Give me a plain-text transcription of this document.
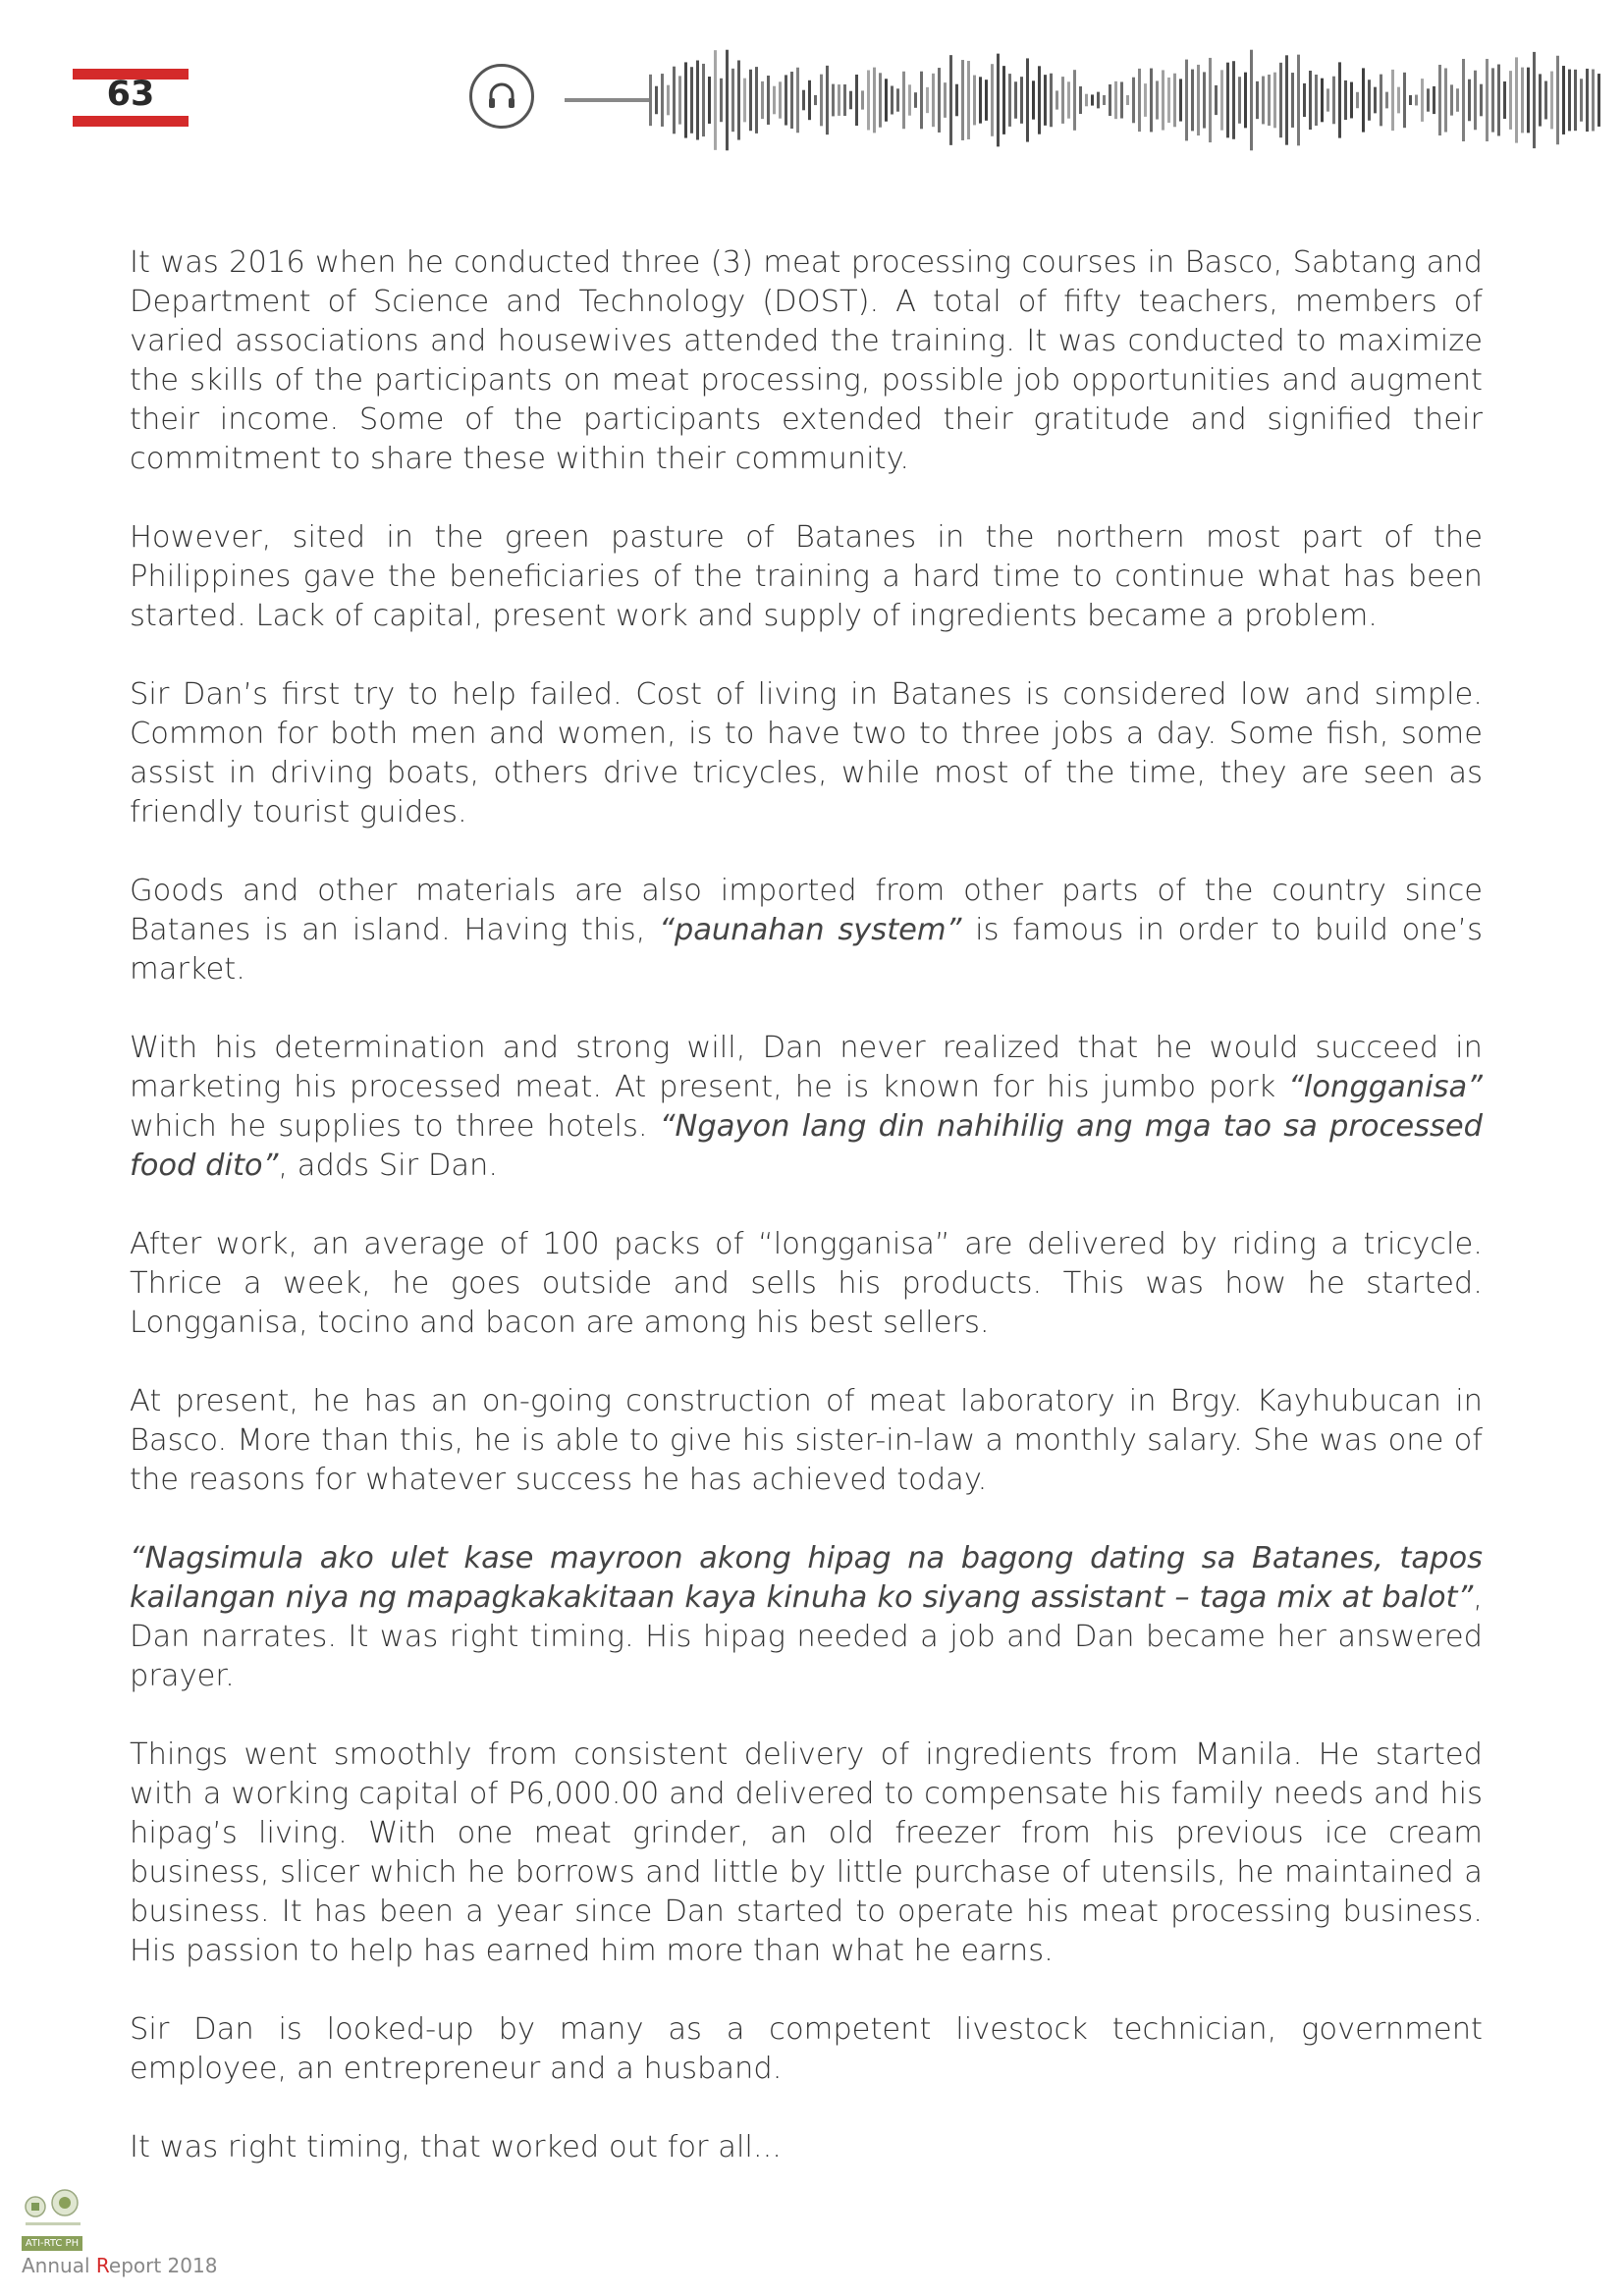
63

It was 2016 when he conducted three (3) meat processing courses in Basco, Sabtang and Department of Science and Technology (DOST). A total of fifty teachers, members of varied associations and housewives attended the training. It was conducted to maximize the skills of the participants on meat processing, possible job opportunities and augment their income. Some of the participants extended their gratitude and signified their commitment to share these within their community.

However, sited in the green pasture of Batanes in the northern most part of the Philippines gave the beneficiaries of the training a hard time to continue what has been started. Lack of capital, present work and supply of ingredients became a problem.

Sir Dan’s first try to help failed. Cost of living in Batanes is considered low and simple. Common for both men and women, is to have two to three jobs a day. Some fish, some assist in driving boats, others drive tricycles, while most of the time, they are seen as friendly tourist guides.

Goods and other materials are also imported from other parts of the country since Batanes is an island. Having this, “paunahan system” is famous in order to build one’s market.

With his determination and strong will, Dan never realized that he would succeed in marketing his processed meat. At present, he is known for his jumbo pork “longganisa” which he supplies to three hotels. “Ngayon lang din nahihilig ang mga tao sa processed food dito”, adds Sir Dan.

After work, an average of 100 packs of “longganisa” are delivered by riding a tricycle. Thrice a week, he goes outside and sells his products. This was how he started. Longganisa, tocino and bacon are among his best sellers.

At present, he has an on-going construction of meat laboratory in Brgy. Kayhubucan in Basco. More than this, he is able to give his sister-in-law a monthly salary. She was one of the reasons for whatever success he has achieved today.

“Nagsimula ako ulet kase mayroon akong hipag na bagong dating sa Batanes, tapos kailangan niya ng mapagkakakitaan kaya kinuha ko siyang assistant – taga mix at balot”, Dan narrates. It was right timing. His hipag needed a job and Dan became her answered prayer.

Things went smoothly from consistent delivery of ingredients from Manila. He started with a working capital of P6,000.00 and delivered to compensate his family needs and his hipag’s living. With one meat grinder, an old freezer from his previous ice cream business, slicer which he borrows and little by little purchase of utensils, he maintained a business. It has been a year since Dan started to operate his meat processing business. His passion to help has earned him more than what he earns.

Sir Dan is looked-up by many as a competent livestock technician, government employee, an entrepreneur and a husband.

It was right timing, that worked out for all...

ATI-RTC PH
Annual Report 2018
